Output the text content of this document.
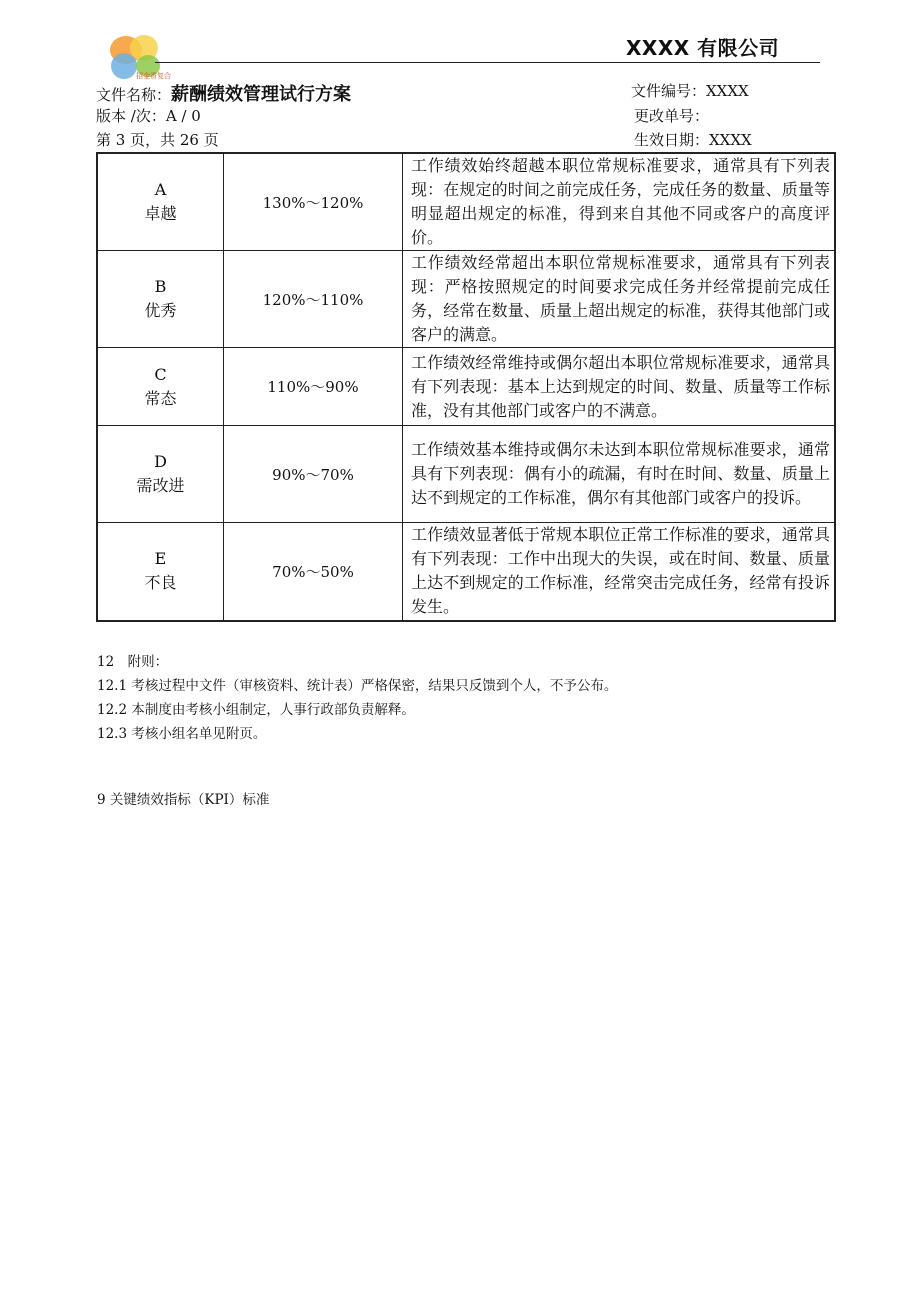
招金香复合
XXXX 有限公司
文件名称：薪酬绩效管理试行方案	文件编号：XXXX
版本 /次：A / 0	更改单号：
第 3 页，共 26 页	生效日期：XXXX
A
卓越	130%～120%	工作绩效始终超越本职位常规标准要求，通常具有下列表现：在规定的时间之前完成任务，完成任务的数量、质量等明显超出规定的标准，得到来自其他不同或客户的高度评价。

B
优秀	120%～110%	工作绩效经常超出本职位常规标准要求，通常具有下列表现：严格按照规定的时间要求完成任务并经常提前完成任务，经常在数量、质量上超出规定的标准，获得其他部门或客户的满意。

C
常态	110%～90%	工作绩效经常维持或偶尔超出本职位常规标准要求，通常具有下列表现：基本上达到规定的时间、数量、质量等工作标准，没有其他部门或客户的不满意。

D
需改进	90%～70%	工作绩效基本维持或偶尔未达到本职位常规标准要求，通常具有下列表现：偶有小的疏漏，有时在时间、数量、质量上达不到规定的工作标准，偶尔有其他部门或客户的投诉。

E
不良	70%～50%	工作绩效显著低于常规本职位正常工作标准的要求，通常具有下列表现：工作中出现大的失误，或在时间、数量、质量上达不到规定的工作标准，经常突击完成任务，经常有投诉发生。
12　附则：
12.1 考核过程中文件（审核资料、统计表）严格保密，结果只反馈到个人，不予公布。
12.2 本制度由考核小组制定，人事行政部负责解释。
12.3 考核小组名单见附页。
9 关键绩效指标（KPI）标准
